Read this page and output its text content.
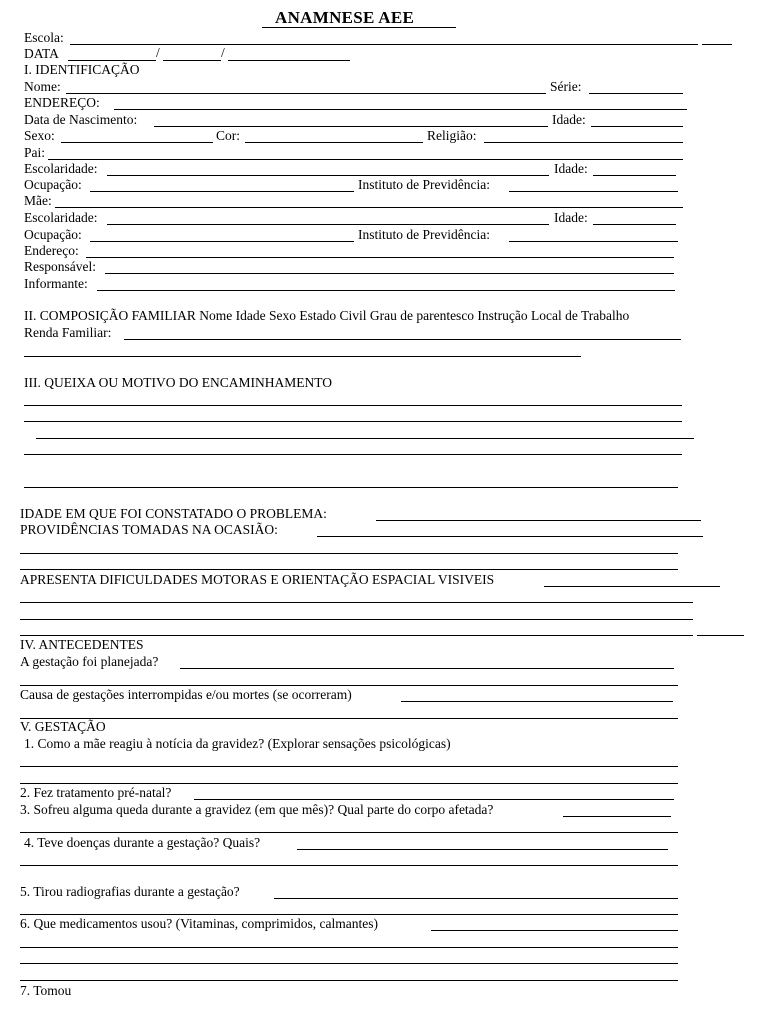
ANAMNESE AEE
Escola:
DATA	/	/
I. IDENTIFICAÇÃO
Nome:	Série:
ENDEREÇO:
Data de Nascimento:	Idade:
Sexo:	Cor:	Religião:
Pai:
Escolaridade:	Idade:
Ocupação:	Instituto de Previdência:
Mãe:
Escolaridade:	Idade:
Ocupação:	Instituto de Previdência:
Endereço:
Responsável:
Informante:
II. COMPOSIÇÃO FAMILIAR Nome Idade Sexo Estado Civil Grau de parentesco Instrução Local de Trabalho
Renda Familiar:
III. QUEIXA OU MOTIVO DO ENCAMINHAMENTO
IDADE EM QUE FOI CONSTATADO O PROBLEMA:
PROVIDÊNCIAS TOMADAS NA OCASIÃO:
APRESENTA DIFICULDADES MOTORAS E ORIENTAÇÃO ESPACIAL VISIVEIS
IV. ANTECEDENTES
A gestação foi planejada?
Causa de gestações interrompidas e/ou mortes (se ocorreram)
V. GESTAÇÃO
1. Como a mãe reagiu à notícia da gravidez? (Explorar sensações psicológicas)
2. Fez tratamento pré-natal?
3. Sofreu alguma queda durante a gravidez (em que mês)? Qual parte do corpo afetada?
4. Teve doenças durante a gestação? Quais?
5. Tirou radiografias durante a gestação?
6. Que medicamentos usou? (Vitaminas, comprimidos, calmantes)
7. Tomou
